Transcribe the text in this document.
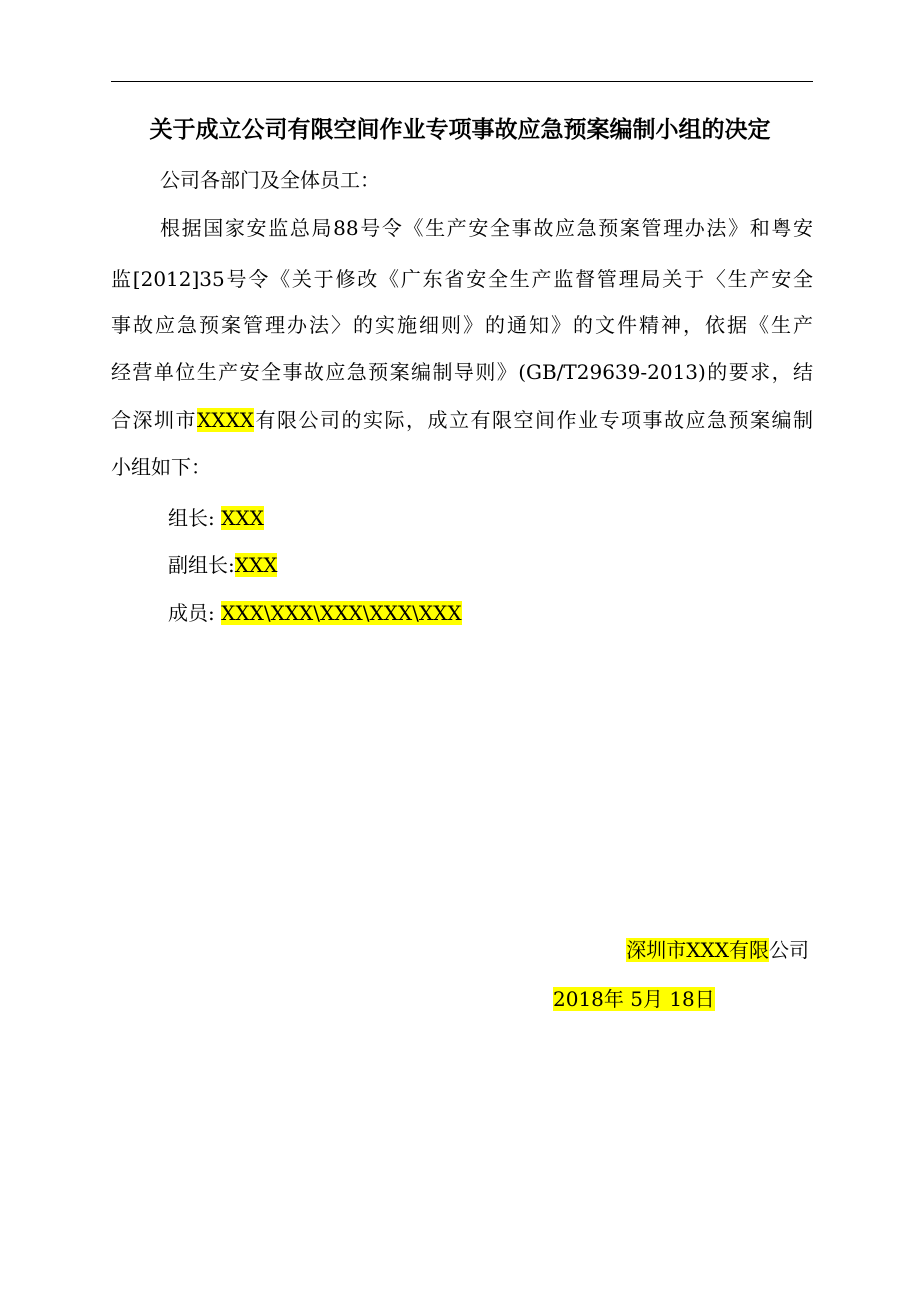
关于成立公司有限空间作业专项事故应急预案编制小组的决定
公司各部门及全体员工：
根据国家安监总局88号令《生产安全事故应急预案管理办法》和粤安
监[2012]35号令《关于修改《广东省安全生产监督管理局关于〈生产安全
事故应急预案管理办法〉的实施细则》的通知》的文件精神，依据《生产
经营单位生产安全事故应急预案编制导则》(GB/T29639-2013)的要求，结
合深圳市XXXX有限公司的实际，成立有限空间作业专项事故应急预案编制
小组如下：
组长: XXX
副组长:XXX
成员: XXX\XXX\XXX\XXX\XXX
深圳市XXX有限公司
2018年 5月 18日
